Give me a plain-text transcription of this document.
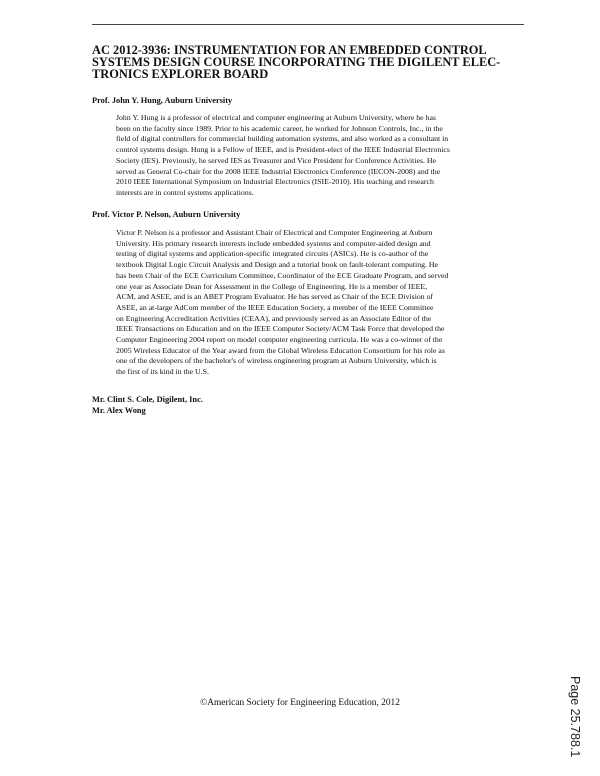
AC 2012-3936: INSTRUMENTATION FOR AN EMBEDDED CONTROL
SYSTEMS DESIGN COURSE INCORPORATING THE DIGILENT ELEC-
TRONICS EXPLORER BOARD

Prof. John Y. Hung, Auburn University

John Y. Hung is a professor of electrical and computer engineering at Auburn University, where he has
been on the faculty since 1989. Prior to his academic career, he worked for Johnson Controls, Inc., in the
field of digital controllers for commercial building automation systems, and also worked as a consultant in
control systems design. Hung is a Fellow of IEEE, and is President-elect of the IEEE Industrial Electronics
Society (IES). Previously, he served IES as Treasurer and Vice President for Conference Activities. He
served as General Co-chair for the 2008 IEEE Industrial Electronics Conference (IECON-2008) and the
2010 IEEE International Symposium on Industrial Electronics (ISIE-2010). His teaching and research
interests are in control systems applications.

Prof. Victor P. Nelson, Auburn University

Victor P. Nelson is a professor and Assistant Chair of Electrical and Computer Engineering at Auburn
University. His primary research interests include embedded systems and computer-aided design and
testing of digital systems and application-specific integrated circuits (ASICs). He is co-author of the
textbook Digital Logic Circuit Analysis and Design and a tutorial book on fault-tolerant computing. He
has been Chair of the ECE Curriculum Committee, Coordinator of the ECE Graduate Program, and served
one year as Associate Dean for Assessment in the College of Engineering. He is a member of IEEE,
ACM, and ASEE, and is an ABET Program Evaluator. He has served as Chair of the ECE Division of
ASEE, an at-large AdCom member of the IEEE Education Society, a member of the IEEE Committee
on Engineering Accreditation Activities (CEAA), and previously served as an Associate Editor of the
IEEE Transactions on Education and on the IEEE Computer Society/ACM Task Force that developed the
Computer Engineering 2004 report on model computer engineering curricula. He was a co-winner of the
2005 Wireless Educator of the Year award from the Global Wireless Education Consortium for his role as
one of the developers of the bachelor's of wireless engineering program at Auburn University, which is
the first of its kind in the U.S.

Mr. Clint S. Cole, Digilent, Inc.

Mr. Alex Wong

©American Society for Engineering Education, 2012	Page 25.788.1
